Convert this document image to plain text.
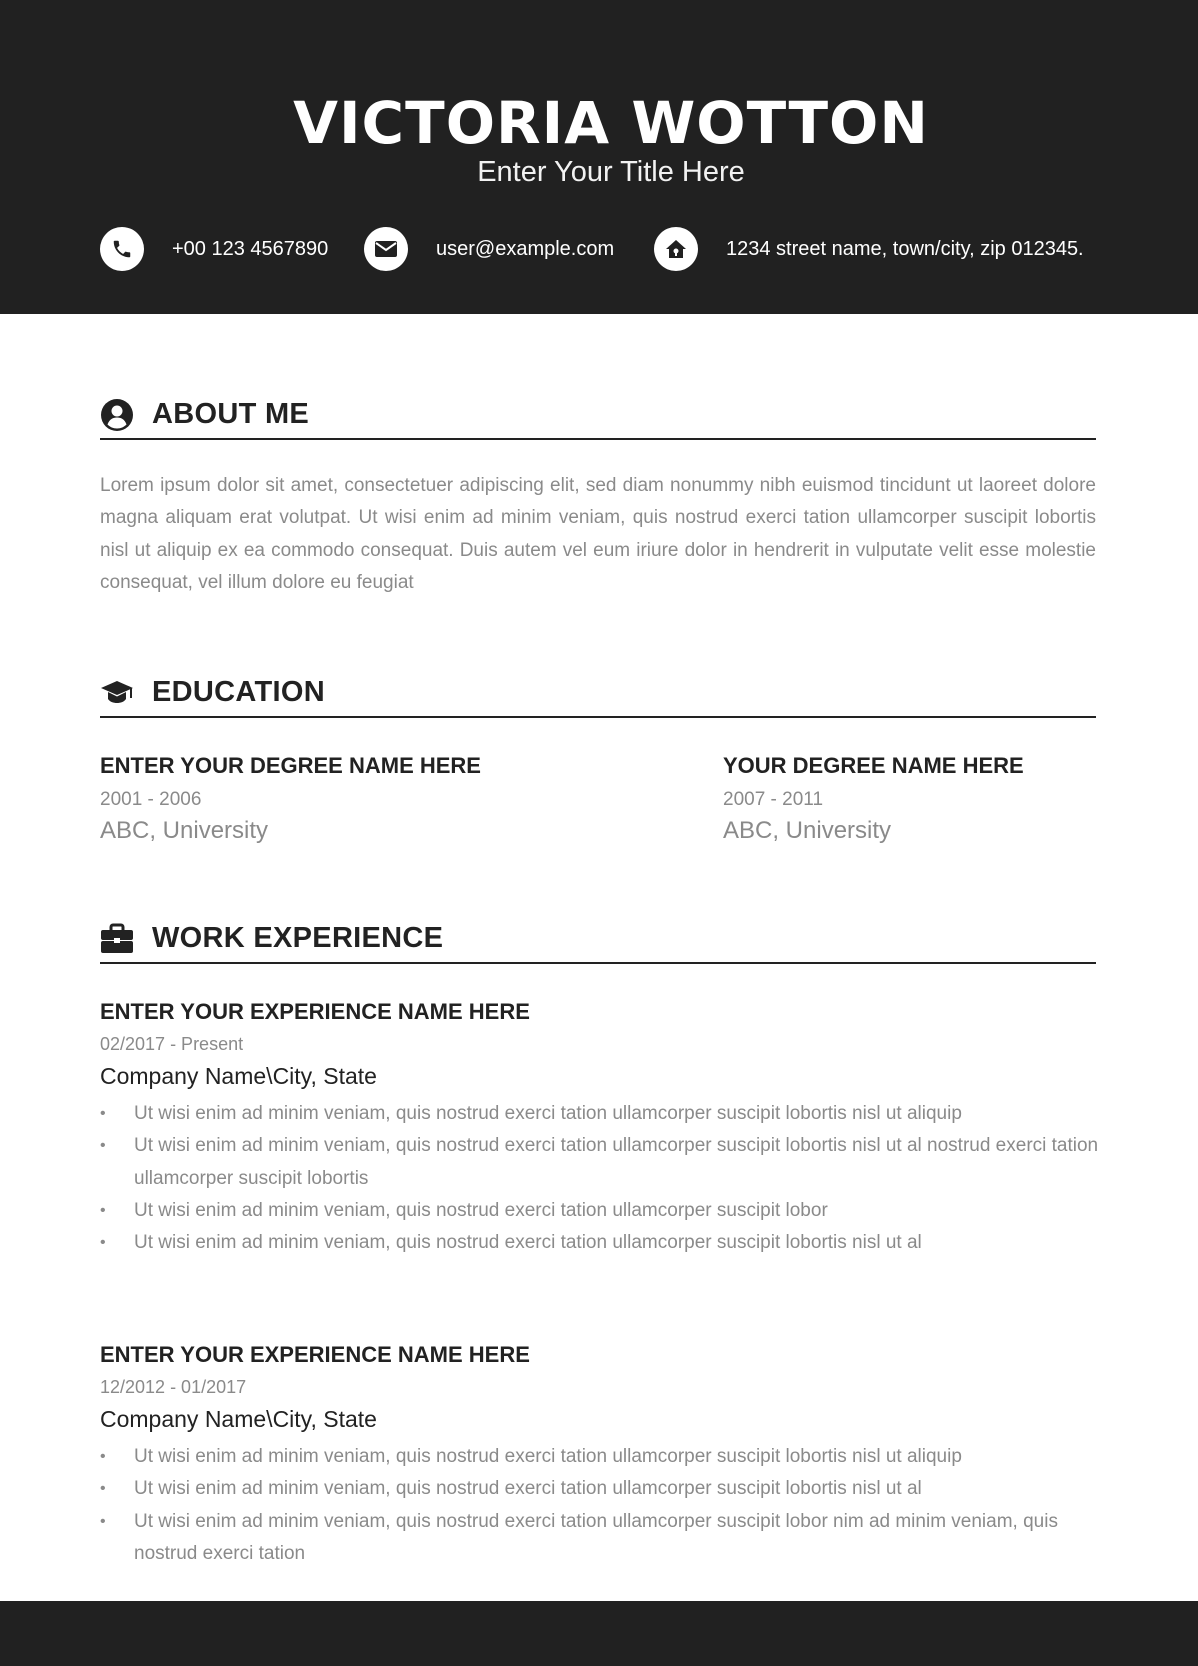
VICTORIA WOTTON
Enter Your Title Here
+00 123 4567890	user@example.com	1234 street name, town/city, zip 012345.
ABOUT ME
Lorem ipsum dolor sit amet, consectetuer adipiscing elit, sed diam nonummy nibh euismod tincidunt ut laoreet dolore magna aliquam erat volutpat. Ut wisi enim ad minim veniam, quis nostrud exerci tation ullamcorper suscipit lobortis nisl ut aliquip ex ea commodo consequat. Duis autem vel eum iriure dolor in hendrerit in vulputate velit esse molestie consequat, vel illum dolore eu feugiat
EDUCATION
ENTER YOUR DEGREE NAME HERE
2001 - 2006
ABC, University
YOUR DEGREE NAME HERE
2007 - 2011
ABC, University
WORK EXPERIENCE
ENTER YOUR EXPERIENCE NAME HERE
02/2017 - Present
Company Name\City, State
• Ut wisi enim ad minim veniam, quis nostrud exerci tation ullamcorper suscipit lobortis nisl ut aliquip
• Ut wisi enim ad minim veniam, quis nostrud exerci tation ullamcorper suscipit lobortis nisl ut al nostrud exerci tation ullamcorper suscipit lobortis
• Ut wisi enim ad minim veniam, quis nostrud exerci tation ullamcorper suscipit lobor
• Ut wisi enim ad minim veniam, quis nostrud exerci tation ullamcorper suscipit lobortis nisl ut al
ENTER YOUR EXPERIENCE NAME HERE
12/2012 - 01/2017
Company Name\City, State
• Ut wisi enim ad minim veniam, quis nostrud exerci tation ullamcorper suscipit lobortis nisl ut aliquip
• Ut wisi enim ad minim veniam, quis nostrud exerci tation ullamcorper suscipit lobortis nisl ut al
• Ut wisi enim ad minim veniam, quis nostrud exerci tation ullamcorper suscipit lobor nim ad minim veniam, quis nostrud exerci tation
